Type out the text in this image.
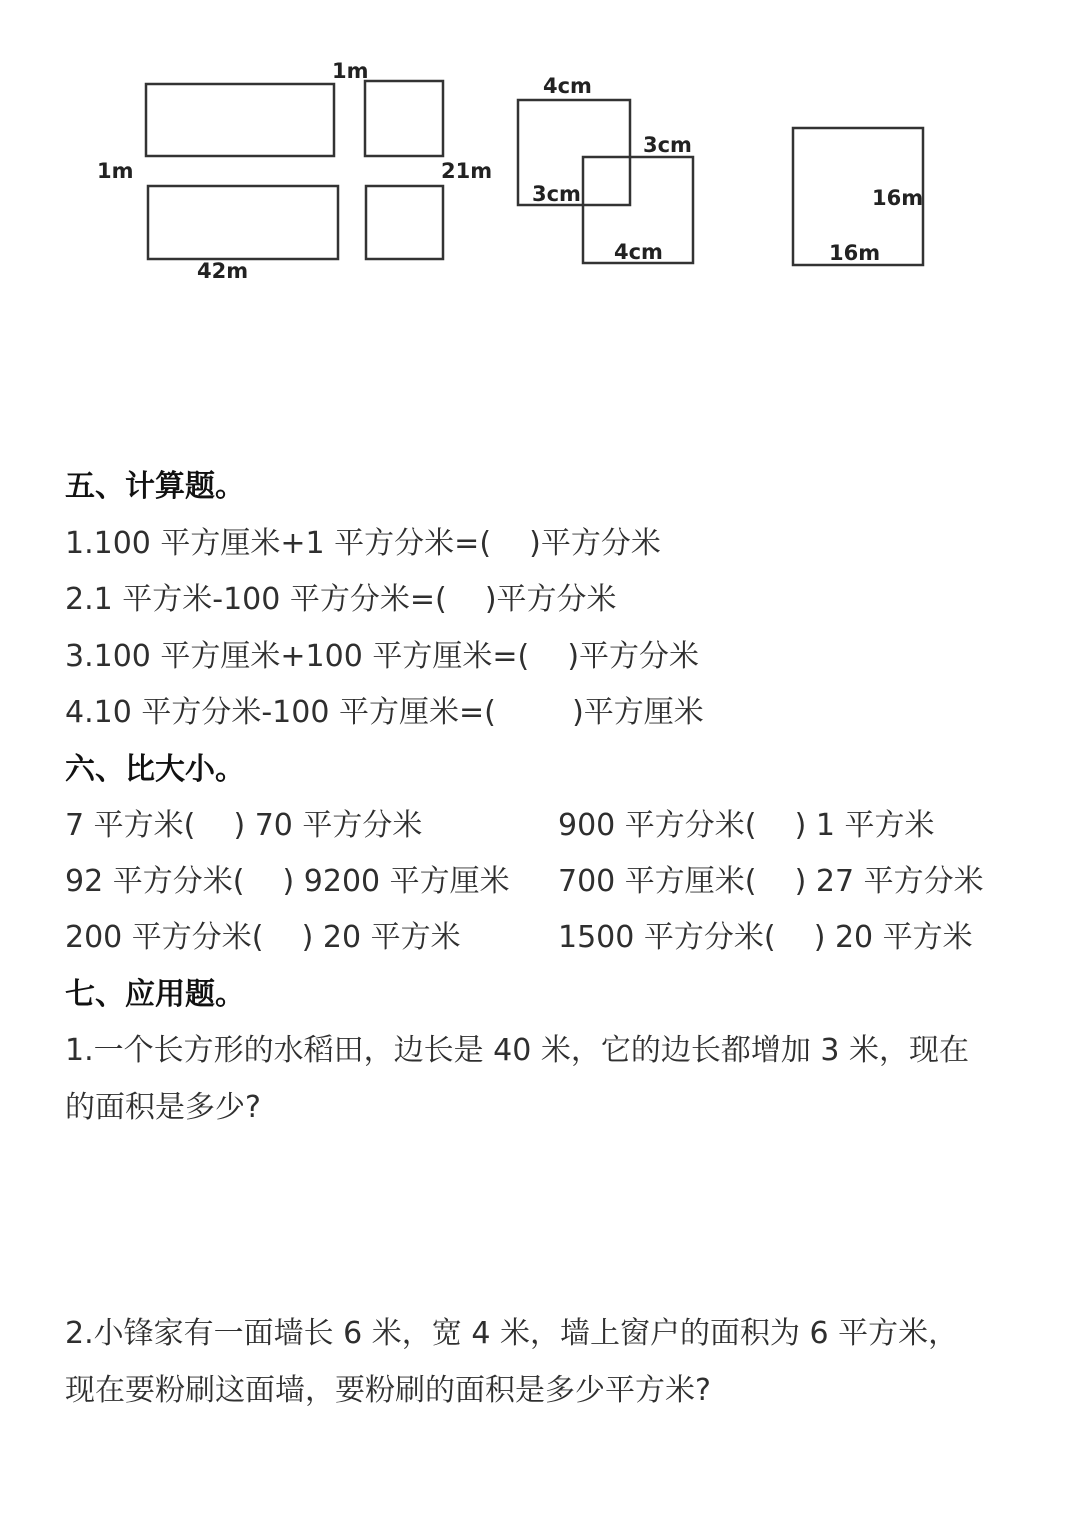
1m
1m	21m
42m
4cm
3cm
3cm
4cm
16m
16m
五、计算题。
1.100 平方厘米+1 平方分米=(    )平方分米
2.1 平方米-100 平方分米=(    )平方分米
3.100 平方厘米+100 平方厘米=(    )平方分米
4.10 平方分米-100 平方厘米=(        )平方厘米
六、比大小。
7 平方米(    ) 70 平方分米	900 平方分米(    ) 1 平方米
92 平方分米(    ) 9200 平方厘米 700 平方厘米(    ) 27 平方分米
200 平方分米(    ) 20 平方米	1500 平方分米(    ) 20 平方米
七、应用题。
1.一个长方形的水稻田，边长是 40 米，它的边长都增加 3 米，现在
的面积是多少?
2.小锋家有一面墙长 6 米，宽 4 米，墙上窗户的面积为 6 平方米，
现在要粉刷这面墙，要粉刷的面积是多少平方米?
